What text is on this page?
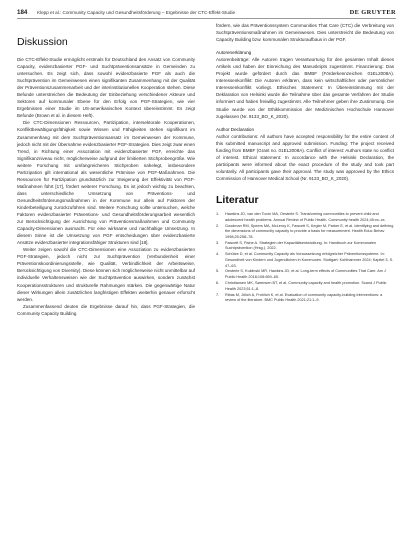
184	Klepp et al.: Community Capacity und Gesundheitsförderung – Ergebnisse der CTC-Effekt-Studie	DE GRUYTER
Diskussion

Die CTC-Effekt-Studie ermöglicht erstmals für Deutschland den Ansatz von Community Capacity, evidenzbasierter PGF- und Suchtpräventionsansätze in Gemeinden zu untersuchen. Es zeigt sich, dass sowohl evidenzbasierte PGF als auch die Suchtprävention im Gemeinwesen einen signifikanten Zusammenhang mit der Qualität der Präventionszusammenarbeit und der interinstitutionellen Kooperation stehen. Diese Befunde unterstreichen die Bedeutung der Einbeziehung verschiedener Akteure und Sektoren auf kommunaler Ebene für den Erfolg von PGF-Strategien, wie vier Ergebnissen einer Studie im US-amerikanischen Kontext übereinstimmt. Es zeigt Befunde (Brown et al. in diesem Heft).

Die CTC-Dimensionen Ressourcen, Partizipation, intersektorale Kooperationen, Konfliktbewältigungsfähigkeit sowie Wissen und Fähigkeiten stehen signifikant im Zusammenhang mit dem Suchtpräventionsansatz im Gemeinwesen der Kommune, jedoch nicht mit der Übernahme evidenzbasierter PGF-Strategien. Dies zeigt zwar einen Trend, in Richtung einer Assoziation mit evidenzbasierter PGF, erreichte das Signifikanzniveau nicht, möglicherweise aufgrund der limitierten Stichprobengröße. Wie weitere Forschung mit umfangreicheren Stichproben nahelegt, insbesondere Partizipation gilt international als wesentliche Prämisse von PGF-Maßnahmen. Die Ressourcen für Partizipation grundsätzlich zur Steigerung der Effektivität von PGF-Maßnahmen führt [17], fördert weiterer Forschung. Es ist jedoch wichtig zu beachten, dass unterschiedliche Umsetzung von Präventions- und Gesundheitsförderungsmaßnahmen in der Kommune nur allein auf Faktoren der Kinderbeteiligung zurückzuführen sind. Weitere Forschung sollte untersuchen, welche Faktoren evidenzbasierter Präventions- und Gesundheitsförderungsarbeit wesentlich zur Berücksichtigung der Ausrichtung von Präventionsmaßnahmen und Community Capacity-Dimensionen ausmacht. Für eine wirksame und nachhaltige Umsetzung. In diesem Sinne ist die Umsetzung von PGF entscheidungen über evidenzbasierte Ansätze evidenzbasierter integrationsfähiger Strukturen sind [18].

Weiter zeigen sowohl die CTC-Dimensionen eine Assoziation zu evidenzbasierten PGF-Strategien, jedoch nicht zur Suchtprävention (Verbundenheit einer Präventionskoordinierungsstelle, wie Qualität, Verbindlichkeit der Arbeitsweise, Berücksichtigung von Diversity). Diese können sich möglicherweise nicht unmittelbar auf individuelle Verhaltensweisen wie der Suchtprävention auswirken, sondern zunächst Kooperationsstrukturen und strukturelle Rahmungen stärken. Die gegenwärtige Natur dieser Wirkungen allein zusätzlichen langfristigen Effekten weiterhin genauer erforscht werden.

Zusammenfassend deuten die Ergebnisse darauf hin, dass PGF-Strategien, die Community Capacity Building

fördern, wie das Präventionssystem Communities That Care (CTC) die Verbreitung von Suchtpräventionsmaßnahmen im Gemeinwesen. Dies unterstreicht die Bedeutung von Capacity Building bzw. kommunalen Strukturaufbaus in der PGF.

Autorenerklärung

Autorenbeiträge: Alle Autoren tragen Verantwortung für den gesamten Inhalt dieses Artikels und haben der Einreichung des Manuskripts zugestimmt. Finanzierung: Das Projekt wurde gefördert durch das BMBF (Förderkennzeichen 01EL2008A). Interessenkonflikt: Die Autoren erklären, dass kein wirtschaftlicher oder persönlicher Interessenkonflikt vorliegt. Ethisches Statement: In Übereinstimmung mit der Deklaration von Helsinki wurde die Teilnahme über das gesamte Verfahren der Studie informiert und haben freiwillig zugestimmt. Alle Teilnehmer geben ihre Zustimmung. Die Studie wurde von der Ethikkommission der Medizinischen Hochschule Hannover zugelassen (Nr. 9133_BO_K_2020).

Author Declaration

Author contributions: All authors have accepted responsibility for the entire content of this submitted manuscript and approved submission. Funding: The project received funding from BMBF (Grant no. 01EL2008A). Conflict of interest: Authors state no conflict of interest. Ethical statement: In accordance with the Helsinki Declaration, the participants were informed about the exact procedure of the study and took part voluntarily. All participants gave their approval. The study was approved by the Ethics Commission of Hannover Medical School (Nr. 9133_BO_K_2020).

Literatur
1.	Hawkins JD, van den Toorn MA, Oesterle S. Transforming communities to prevent child and adolescent health problems. Annual Review of Public Health. Community health 2024;45:xx–xx.
2.	Goodman RM, Speers MA, McLeroy K, Fawcett S, Kegler M, Parker E, et al. Identifying and defining the dimensions of community capacity to provide a basis for measurement. Health Educ Behav 1998;25:258–78.
3.	Fawcett S, Paine A. Strategien der Kapazitätsentwicklung. In: Handbuch zur Kommunalen Suchtprävention (Hrsg.). 2022.
4.	Schütze D, et al. Community Capacity als Voraussetzung erfolgreicher Präventionssysteme. In: Gesundheit von Kindern und Jugendlichen in Kommunen. Stuttgart: Kohlhammer 2024; Kapitel 3, S. 47–63.
5.	Oesterle S, Kuklinski MR, Hawkins JD, et al. Long-term effects of Communities That Care. Am J Public Health 2018;108:659–65.
6.	Christiansen MK, Sørensen BT, et al. Community capacity and health promotion. Scand J Public Health 2023;51:1–8.
7.	Ribas M, Jülich A, Frohlich K, et al. Evaluation of community capacity-building interventions: a review of the literature. BMC Public Health 2021;21:1–9.
